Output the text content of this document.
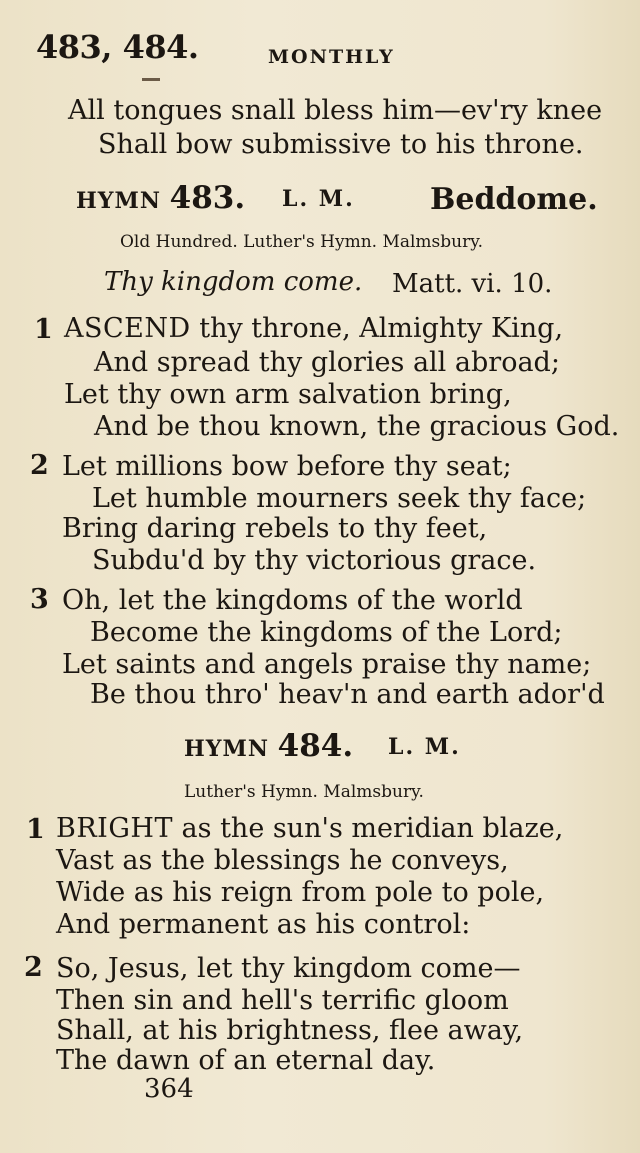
483, 484.	MONTHLY
All tongues snall bless him—ev'ry knee
Shall bow submissive to his throne.
HYMN 483. L. M.	Beddome.
Old Hundred. Luther's Hymn. Malmsbury.
Thy kingdom come. Matt. vi. 10.
1 ASCEND thy throne, Almighty King,
And spread thy glories all abroad;
Let thy own arm salvation bring,
And be thou known, the gracious God.
2 Let millions bow before thy seat;
Let humble mourners seek thy face;
Bring daring rebels to thy feet,
Subdu'd by thy victorious grace.
3 Oh, let the kingdoms of the world
Become the kingdoms of the Lord;
Let saints and angels praise thy name;
Be thou thro' heav'n and earth ador'd
HYMN 484. L. M.
Luther's Hymn. Malmsbury.
1 BRIGHT as the sun's meridian blaze,
Vast as the blessings he conveys,
Wide as his reign from pole to pole,
And permanent as his control:
2 So, Jesus, let thy kingdom come—
Then sin and hell's terrific gloom
Shall, at his brightness, flee away,
The dawn of an eternal day.
364
